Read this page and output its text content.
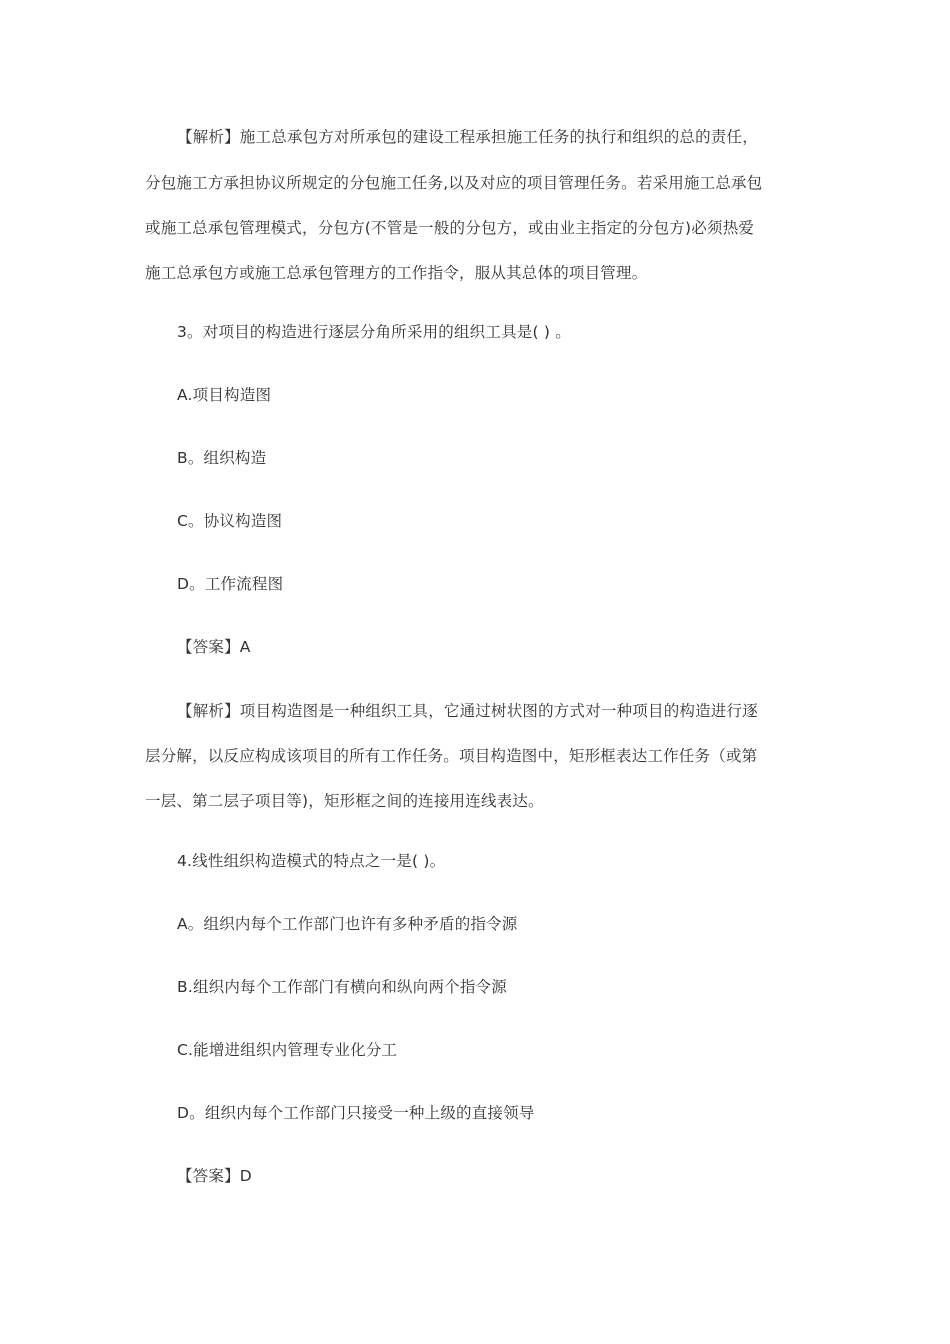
【解析】施工总承包方对所承包的建设工程承担施工任务的执行和组织的总的责任，
分包施工方承担协议所规定的分包施工任务,以及对应的项目管理任务。若采用施工总承包
或施工总承包管理模式，分包方(不管是一般的分包方，或由业主指定的分包方)必须热爱
施工总承包方或施工总承包管理方的工作指令，服从其总体的项目管理。
3。对项目的构造进行逐层分角所采用的组织工具是( ) 。
A.项目构造图
B。组织构造
C。协议构造图
D。工作流程图
【答案】A
【解析】项目构造图是一种组织工具，它通过树状图的方式对一种项目的构造进行逐
层分解，以反应构成该项目的所有工作任务。项目构造图中，矩形框表达工作任务（或第
一层、第二层子项目等)，矩形框之间的连接用连线表达。
4.线性组织构造模式的特点之一是( )。
A。组织内每个工作部门也许有多种矛盾的指令源
B.组织内每个工作部门有横向和纵向两个指令源
C.能增进组织内管理专业化分工
D。组织内每个工作部门只接受一种上级的直接领导
【答案】D
